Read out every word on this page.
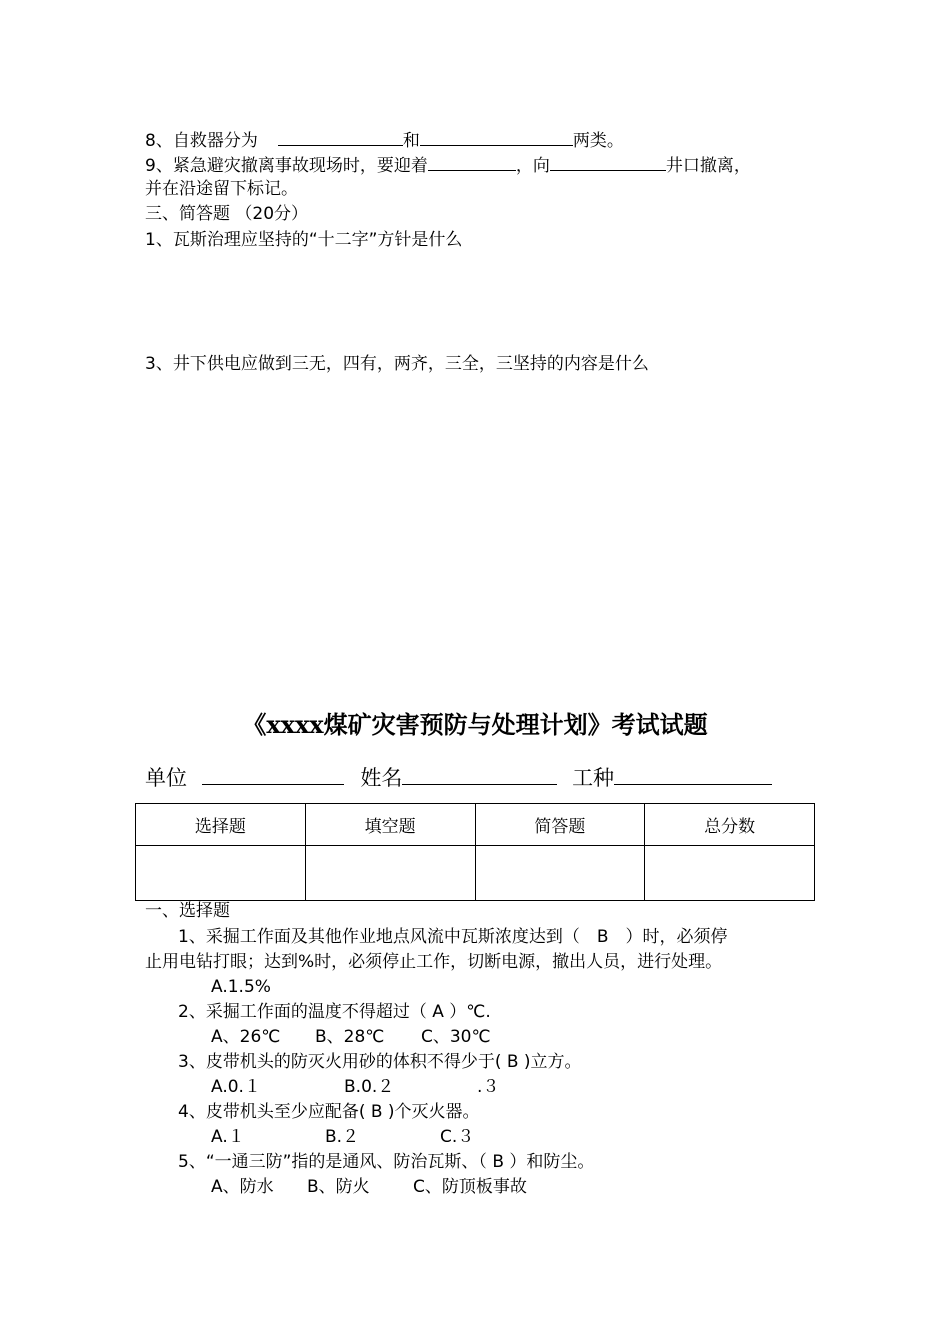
8、自救器分为	和	两类。
9、紧急避灾撤离事故现场时，要迎着	，向	井口撤离，
并在沿途留下标记。
三、简答题 （20分）
1、瓦斯治理应坚持的“十二字”方针是什么
3、井下供电应做到三无，四有，两齐，三全，三坚持的内容是什么
《xxxx煤矿灾害预防与处理计划》考试试题
单位	姓名	工种
选择题	填空题	简答题	总分数

一、选择题
1、采掘工作面及其他作业地点风流中瓦斯浓度达到（　B　）时，必须停
止用电钻打眼；达到%时，必须停止工作，切断电源，撤出人员，进行处理。
A.1.5%
2、采掘工作面的温度不得超过（ A ）℃.
A、26℃ B、28℃ C、30℃
3、皮带机头的防灭火用砂的体积不得少于( B )立方。
A.0.１	B.0.２	.３
4、皮带机头至少应配备( B )个灭火器。
A.１	B.２	C.３
5、“一通三防”指的是通风、防治瓦斯、（ B ）和防尘。
A、防水 B、防火	C、防顶板事故
